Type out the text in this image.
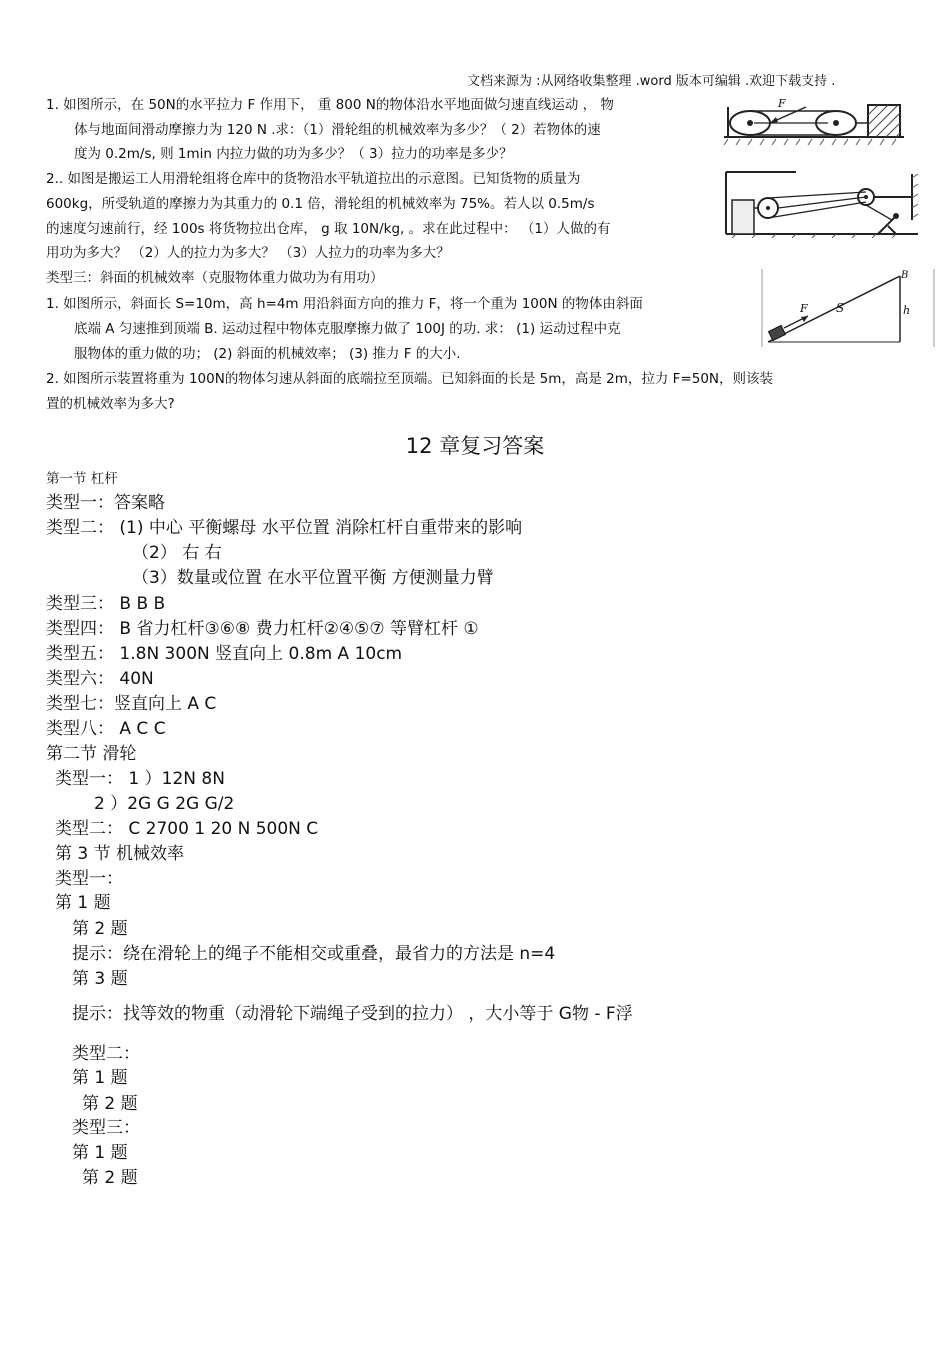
文档来源为 :从网络收集整理 .word 版本可编辑 .欢迎下载支持 .
1. 如图所示，在 50N的水平拉力 F 作用下， 重 800 N的物体沿水平地面做匀速直线运动 ， 物
体与地面间滑动摩擦力为 120 N .求：（1）滑轮组的机械效率为多少？（ 2）若物体的速
度为 0.2m/s, 则 1min 内拉力做的功为多少？（ 3）拉力的功率是多少？
F
2.. 如图是搬运工人用滑轮组将仓库中的货物沿水平轨道拉出的示意图。已知货物的质量为
600kg，所受轨道的摩擦力为其重力的 0.1 倍，滑轮组的机械效率为 75%。若人以 0.5m/s
的速度匀速前行，经 100s 将货物拉出仓库， g 取 10N/kg, 。求在此过程中： （1）人做的有
用功为多大？ （2）人的拉力为多大？ （3）人拉力的功率为多大？
类型三：斜面的机械效率（克服物体重力做功为有用功）
1. 如图所示，斜面长 S=10m，高 h=4m 用沿斜面方向的推力 F，将一个重为 100N 的物体由斜面
底端 A 匀速推到顶端 B. 运动过程中物体克服摩擦力做了 100J 的功. 求： (1) 运动过程中克
服物体的重力做的功； (2) 斜面的机械效率； (3) 推力 F 的大小.
F S
B
h
2. 如图所示装置将重为 100N的物体匀速从斜面的底端拉至顶端。已知斜面的长是 5m，高是 2m，拉力 F=50N，则该装
置的机械效率为多大?
12 章复习答案
第一节 杠杆
类型一：答案略
类型二： (1) 中心 平衡螺母 水平位置 消除杠杆自重带来的影响
（2） 右 右
（3）数量或位置 在水平位置平衡 方便测量力臂
类型三： B B B
类型四： B 省力杠杆③⑥⑧ 费力杠杆②④⑤⑦ 等臂杠杆 ①
类型五： 1.8N 300N 竖直向上 0.8m A 10cm
类型六： 40N
类型七：竖直向上 A C
类型八： A C C
第二节 滑轮
类型一： 1 ）12N 8N
2 ）2G G 2G G/2
类型二： C 2700 1 20 N 500N C
第 3 节 机械效率
类型一：
第 1 题
第 2 题
提示：绕在滑轮上的绳子不能相交或重叠，最省力的方法是 n=4
第 3 题
提示：找等效的物重（动滑轮下端绳子受到的拉力） ，大小等于 G物 - F浮
类型二：
第 1 题
第 2 题
类型三：
第 1 题
第 2 题
